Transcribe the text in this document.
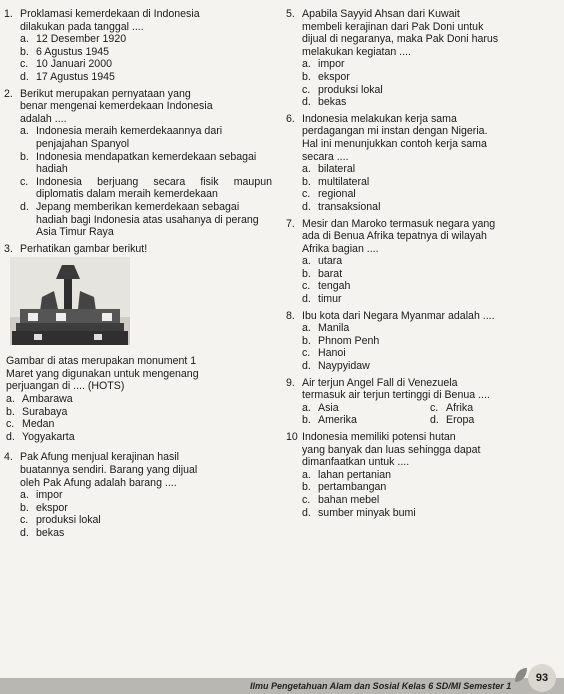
1. Proklamasi kemerdekaan di Indonesia

dilakukan pada tanggal ....

a. 12 Desember 1920
b. 6 Agustus 1945
c. 10 Januari 2000
d. 17 Agustus 1945
2. Berikut merupakan pernyataan yang

benar mengenai kemerdekaan Indonesia

adalah ....

a. Indonesia meraih kemerdekaannya dari penjajahan Spanyol
b. Indonesia mendapatkan kemerdekaan sebagai hadiah
c. Indonesia berjuang secara fisik maupun diplomatis dalam meraih kemerdekaan
d. Jepang memberikan kemerdekaan sebagai hadiah bagi Indonesia atas usahanya di perang Asia Timur Raya
3. Perhatikan gambar berikut!

Gambar di atas merupakan monument 1

Maret yang digunakan untuk mengenang

perjuangan di .... (HOTS)

a. Ambarawa
b. Surabaya
c. Medan
d. Yogyakarta
4. Pak Afung menjual kerajinan hasil

buatannya sendiri. Barang yang dijual

oleh Pak Afung adalah barang ....

a. impor
b. ekspor
c. produksi lokal
d. bekas
5. Apabila Sayyid Ahsan dari Kuwait

membeli kerajinan dari Pak Doni untuk

dijual di negaranya, maka Pak Doni harus

melakukan kegiatan ....

a. impor
b. ekspor
c. produksi lokal
d. bekas
6. Indonesia melakukan kerja sama

perdagangan mi instan dengan Nigeria.

Hal ini menunjukkan contoh kerja sama

secara ....

a. bilateral
b. multilateral
c. regional
d. transaksional
7. Mesir dan Maroko termasuk negara yang

ada di Benua Afrika tepatnya di wilayah

Afrika bagian ....

a. utara
b. barat
c. tengah
d. timur
8. Ibu kota dari Negara Myanmar adalah ....

a. Manila
b. Phnom Penh
c. Hanoi
d. Naypyidaw
9. Air terjun Angel Fall di Venezuela

termasuk air terjun tertinggi di Benua ....

a. Asia	c. Afrika
b. Amerika	d. Eropa
10 Indonesia memiliki potensi hutan

yang banyak dan luas sehingga dapat

dimanfaatkan untuk ....

a. lahan pertanian
b. pertambangan
c. bahan mebel
d. sumber minyak bumi
Ilmu Pengetahuan Alam dan Sosial Kelas 6 SD/MI Semester 1
93
